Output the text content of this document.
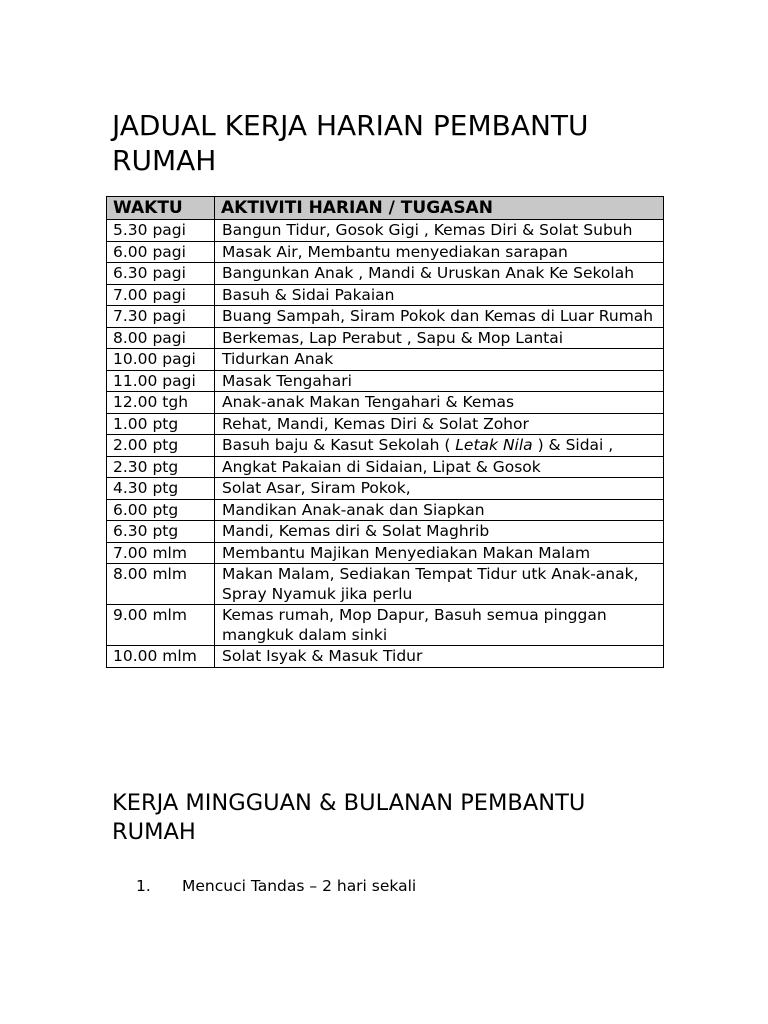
JADUAL KERJA HARIAN PEMBANTU RUMAH
WAKTU	AKTIVITI HARIAN / TUGASAN
5.30 pagi	Bangun Tidur, Gosok Gigi , Kemas Diri & Solat Subuh
6.00 pagi	Masak Air, Membantu menyediakan sarapan
6.30 pagi	Bangunkan Anak , Mandi & Uruskan Anak Ke Sekolah
7.00 pagi	Basuh & Sidai Pakaian
7.30 pagi	Buang Sampah, Siram Pokok dan Kemas di Luar Rumah
8.00 pagi	Berkemas, Lap Perabut , Sapu & Mop Lantai
10.00 pagi	Tidurkan Anak
11.00 pagi	Masak Tengahari
12.00 tgh	Anak-anak Makan Tengahari & Kemas
1.00 ptg	Rehat, Mandi, Kemas Diri & Solat Zohor
2.00 ptg	Basuh baju & Kasut Sekolah ( Letak Nila ) & Sidai ,
2.30 ptg	Angkat Pakaian di Sidaian, Lipat & Gosok
4.30 ptg	Solat Asar, Siram Pokok,
6.00 ptg	Mandikan Anak-anak dan Siapkan
6.30 ptg	Mandi, Kemas diri & Solat Maghrib
7.00 mlm	Membantu Majikan Menyediakan Makan Malam
8.00 mlm	Makan Malam, Sediakan Tempat Tidur utk Anak-anak, Spray Nyamuk jika perlu
9.00 mlm	Kemas rumah, Mop Dapur, Basuh semua pinggan mangkuk dalam sinki
10.00 mlm	Solat Isyak & Masuk Tidur
KERJA MINGGUAN & BULANAN PEMBANTU RUMAH
1.	Mencuci Tandas – 2 hari sekali
